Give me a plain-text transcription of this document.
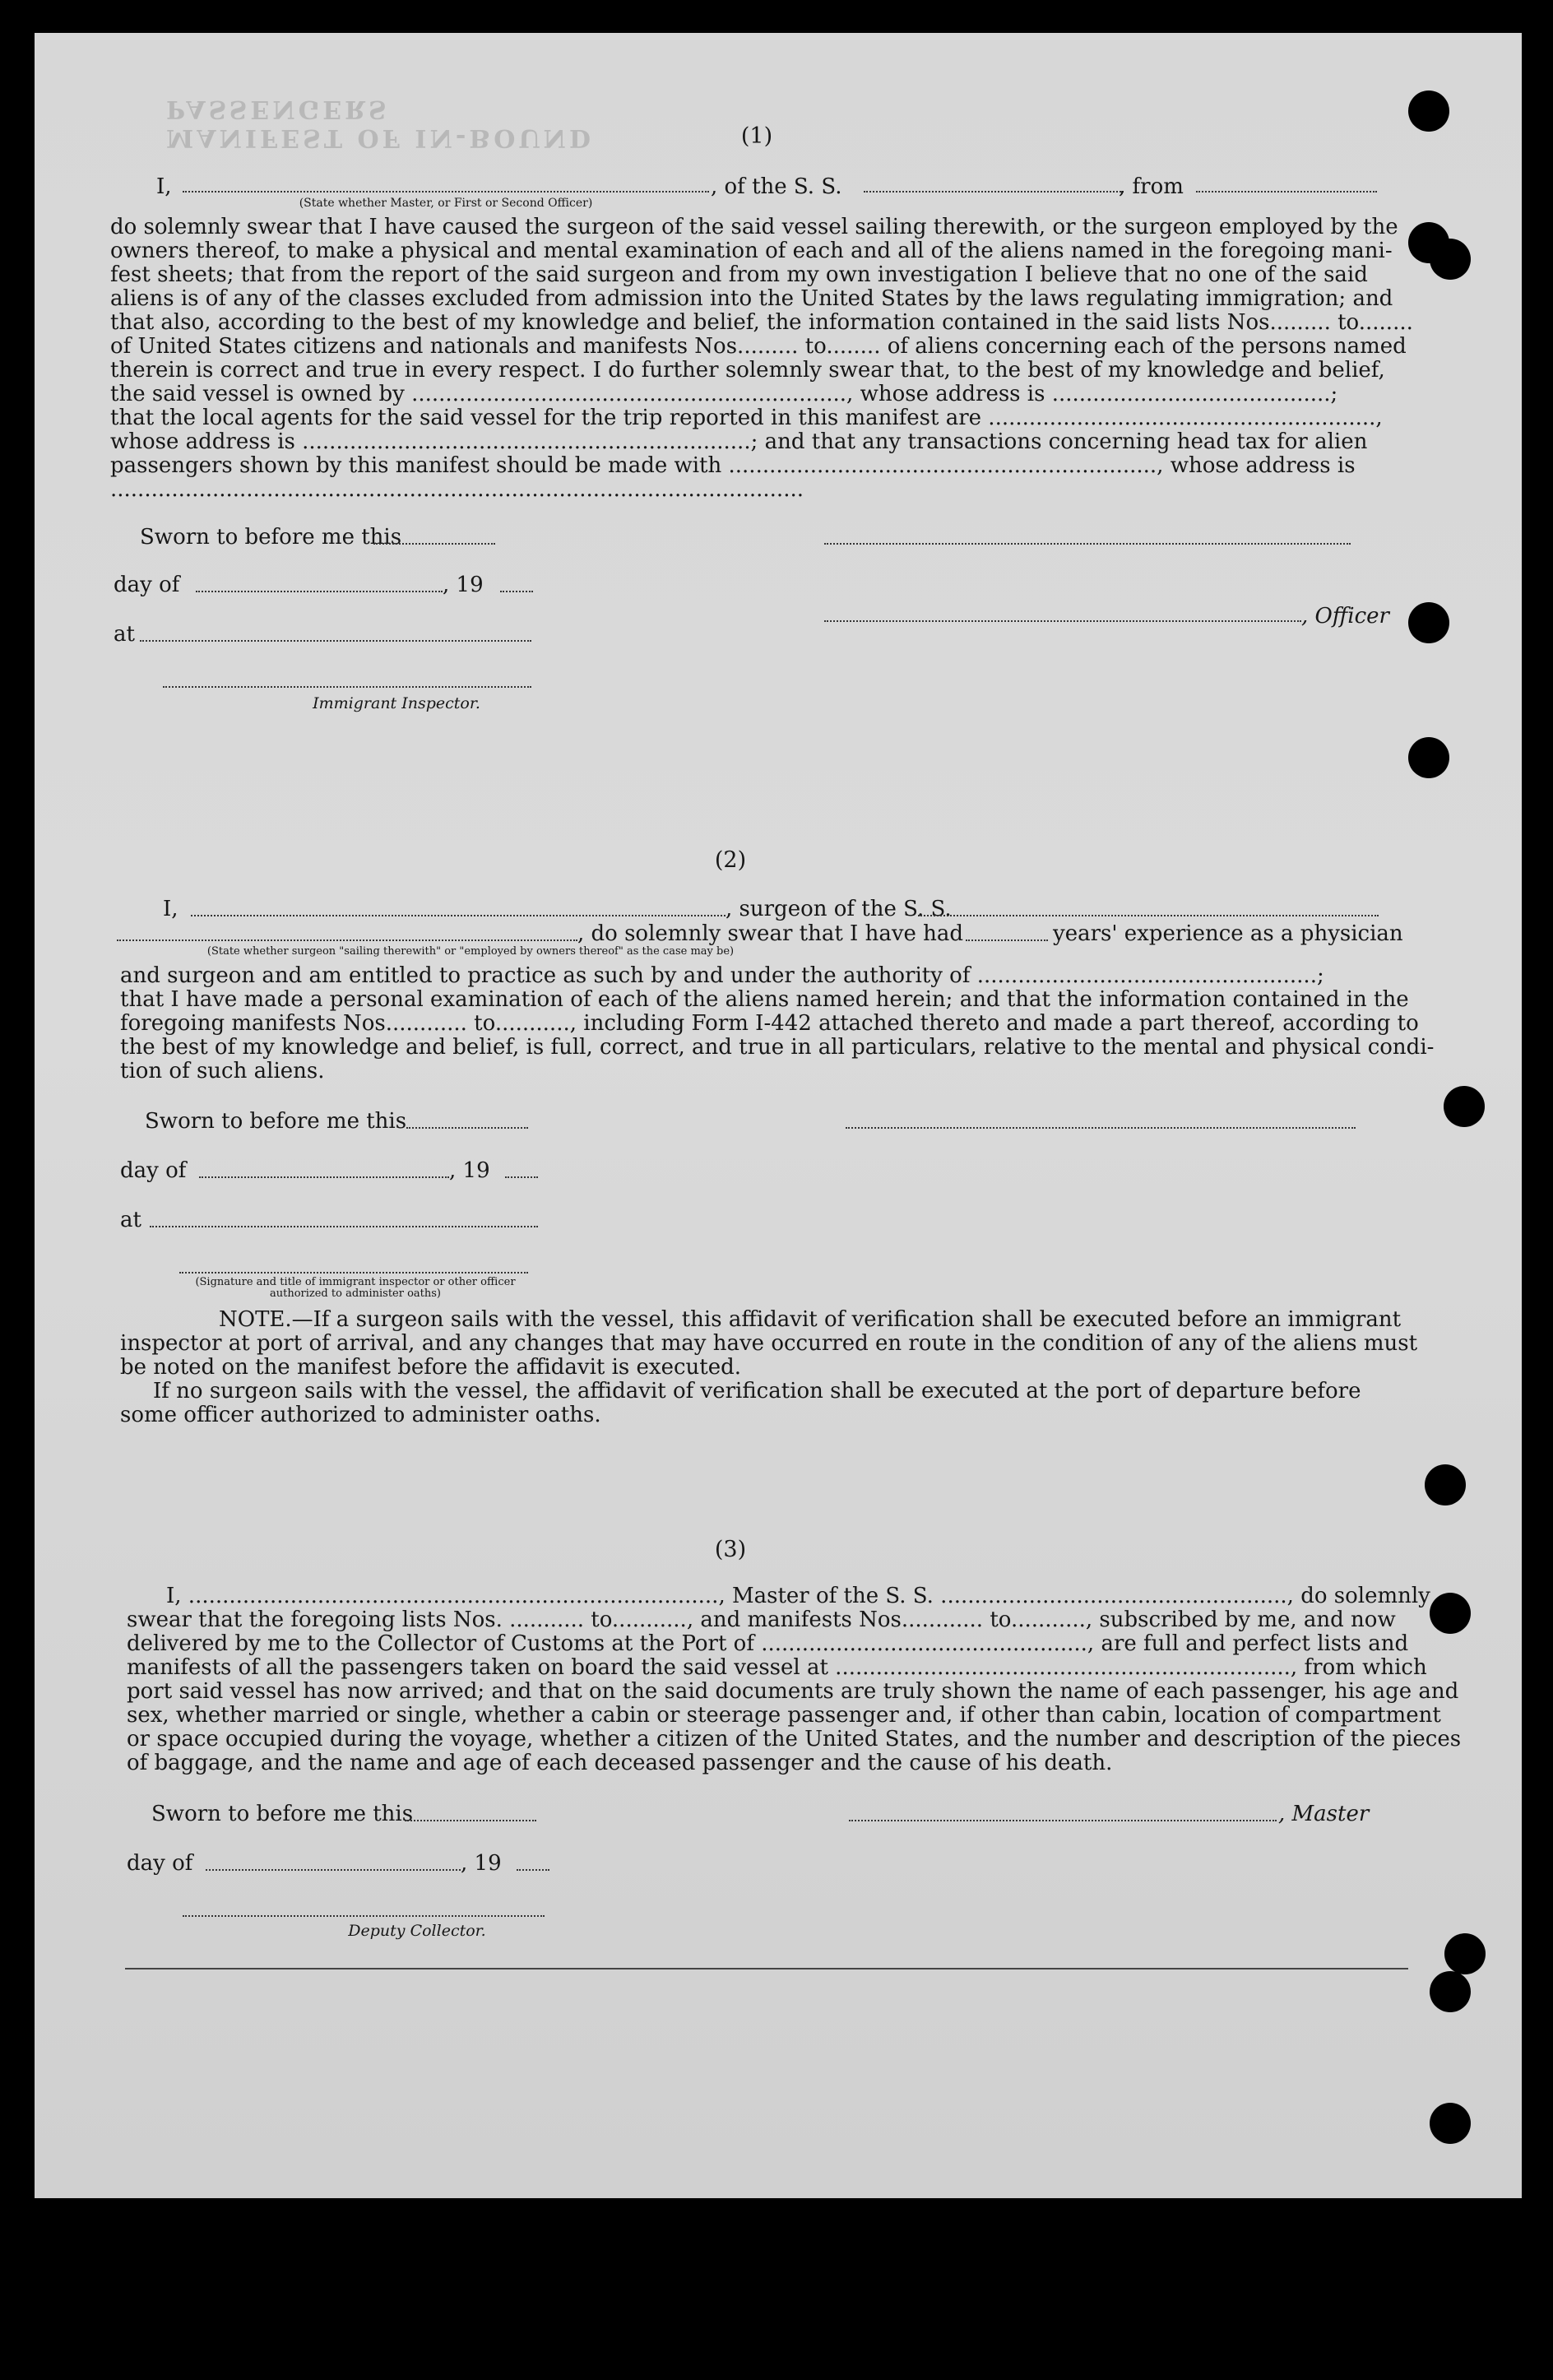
MANIFEST OF IN-BOUND PASSENGERS

(1)
I,	, of the S. S.	, from
(State whether Master, or First or Second Officer)
do solemnly swear that I have caused the surgeon of the said vessel sailing therewith, or the surgeon employed by the
owners thereof, to make a physical and mental examination of each and all of the aliens named in the foregoing mani-
fest sheets; that from the report of the said surgeon and from my own investigation I believe that no one of the said
aliens is of any of the classes excluded from admission into the United States by the laws regulating immigration; and
that also, according to the best of my knowledge and belief, the information contained in the said lists Nos......... to........
of United States citizens and nationals and manifests Nos......... to........ of aliens concerning each of the persons named
therein is correct and true in every respect. I do further solemnly swear that, to the best of my knowledge and belief,
the said vessel is owned by ................................................................, whose address is .........................................;
that the local agents for the said vessel for the trip reported in this manifest are .........................................................,
whose address is ..................................................................; and that any transactions concerning head tax for alien
passengers shown by this manifest should be made with ..............................................................., whose address is
......................................................................................................
Sworn to before me this
day of	, 19
, Officer
at
Immigrant Inspector.
(2)
I,	, surgeon of the S. S.
, do solemnly swear that I have had	years' experience as a physician
(State whether surgeon "sailing therewith" or "employed by owners thereof" as the case may be)
and surgeon and am entitled to practice as such by and under the authority of ..................................................;
that I have made a personal examination of each of the aliens named herein; and that the information contained in the
foregoing manifests Nos............ to..........., including Form I-442 attached thereto and made a part thereof, according to
the best of my knowledge and belief, is full, correct, and true in all particulars, relative to the mental and physical condi-
tion of such aliens.
Sworn to before me this
day of	, 19
at
(Signature and title of immigrant inspector or other officer authorized to administer oaths)
NOTE.—If a surgeon sails with the vessel, this affidavit of verification shall be executed before an immigrant
inspector at port of arrival, and any changes that may have occurred en route in the condition of any of the aliens must
be noted on the manifest before the affidavit is executed.
If no surgeon sails with the vessel, the affidavit of verification shall be executed at the port of departure before
some officer authorized to administer oaths.
(3)
I, .............................................................................., Master of the S. S. ..................................................., do solemnly
swear that the foregoing lists Nos. ........... to..........., and manifests Nos............ to..........., subscribed by me, and now
delivered by me to the Collector of Customs at the Port of ................................................, are full and perfect lists and
manifests of all the passengers taken on board the said vessel at ..................................................................., from which
port said vessel has now arrived; and that on the said documents are truly shown the name of each passenger, his age and
sex, whether married or single, whether a cabin or steerage passenger and, if other than cabin, location of compartment
or space occupied during the voyage, whether a citizen of the United States, and the number and description of the pieces
of baggage, and the name and age of each deceased passenger and the cause of his death.
Sworn to before me this	, Master
day of	, 19
Deputy Collector.
